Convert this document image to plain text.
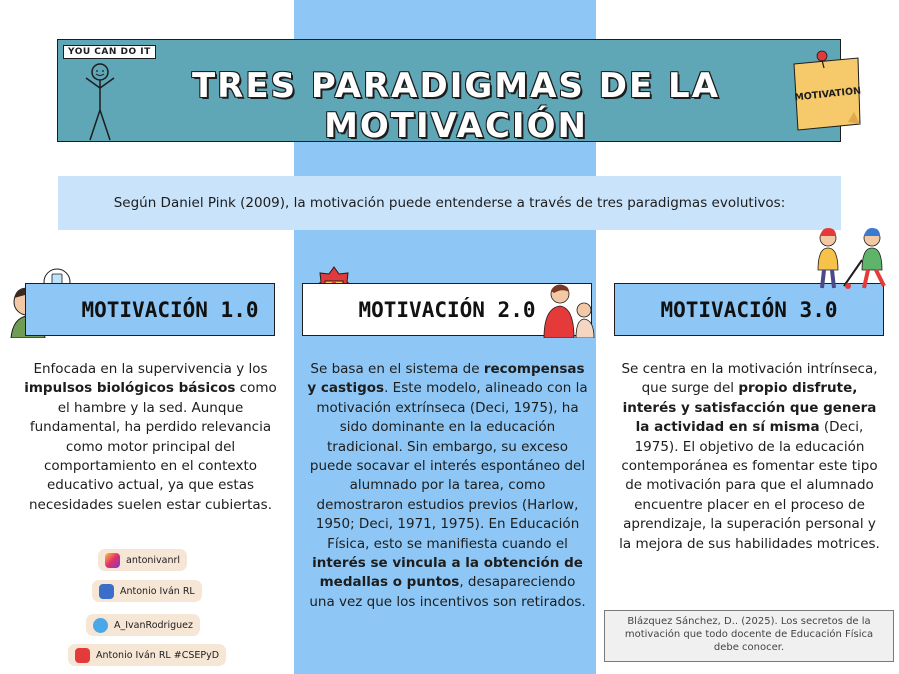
YOU CAN DO IT
TRES PARADIGMAS DE LA MOTIVACIÓN
MOTIVATION
Según Daniel Pink (2009), la motivación puede entenderse a través de tres paradigmas evolutivos:
MOTIVACIÓN 1.0	MOTIVACIÓN 2.0	MOTIVACIÓN 3.0
Enfocada en la supervivencia y los impulsos biológicos básicos como el hambre y la sed. Aunque fundamental, ha perdido relevancia como motor principal del comportamiento en el contexto educativo actual, ya que estas necesidades suelen estar cubiertas.
Se basa en el sistema de recompensas y castigos. Este modelo, alineado con la motivación extrínseca (Deci, 1975), ha sido dominante en la educación tradicional. Sin embargo, su exceso puede socavar el interés espontáneo del alumnado por la tarea, como demostraron estudios previos (Harlow, 1950; Deci, 1971, 1975). En Educación Física, esto se manifiesta cuando el interés se vincula a la obtención de medallas o puntos, desapareciendo una vez que los incentivos son retirados.
Se centra en la motivación intrínseca, que surge del propio disfrute, interés y satisfacción que genera la actividad en sí misma (Deci, 1975). El objetivo de la educación contemporánea es fomentar este tipo de motivación para que el alumnado encuentre placer en el proceso de aprendizaje, la superación personal y la mejora de sus habilidades motrices.
Blázquez Sánchez, D.. (2025). Los secretos de la motivación que todo docente de Educación Física debe conocer.
antonivanrl
Antonio Iván RL
A_IvanRodriguez
Antonio Iván RL #CSEPyD
